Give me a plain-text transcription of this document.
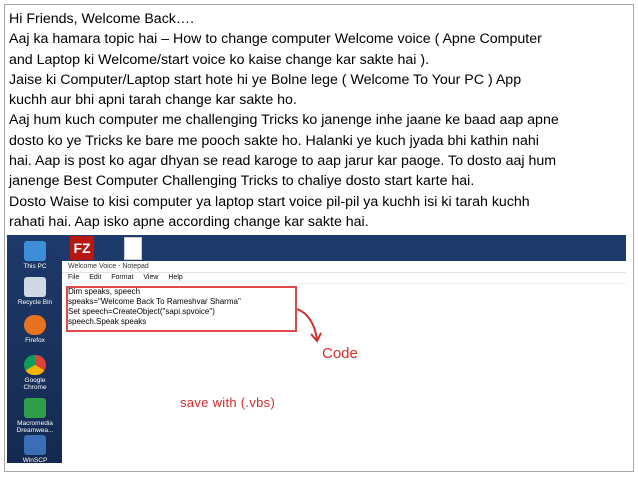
Hi Friends, Welcome Back….
Aaj ka hamara topic hai – How to change computer Welcome voice ( Apne Computer
and Laptop ki Welcome/start voice ko kaise change kar sakte hai ).
Jaise ki Computer/Laptop start hote hi ye Bolne lege ( Welcome To Your PC ) App
kuchh aur bhi apni tarah change kar sakte ho.
Aaj hum kuch computer me challenging Tricks ko janenge inhe jaane ke baad aap apne
dosto ko ye Tricks ke bare me pooch sakte ho. Halanki ye kuch jyada bhi kathin nahi
hai. Aap is post ko agar dhyan se read karoge to aap jarur kar paoge. To dosto aaj hum
janenge Best Computer Challenging Tricks to chaliye dosto start karte hai.
Dosto Waise to kisi computer ya laptop start voice pil-pil ya kuchh isi ki tarah kuchh
rahati hai. Aap isko apne according change kar sakte hai.
This PC
Recycle Bin
Firefox
Google Chrome
Macromedia Dreamwea...
WinSCP
FZ
Welcome Voice - Notepad
File Edit Format View Help
Dim speaks, speech
speaks="Welcome Back To Rameshvar Sharma"
Set speech=CreateObject("sapi.spvoice")
speech.Speak speaks
Code
save with (.vbs)
